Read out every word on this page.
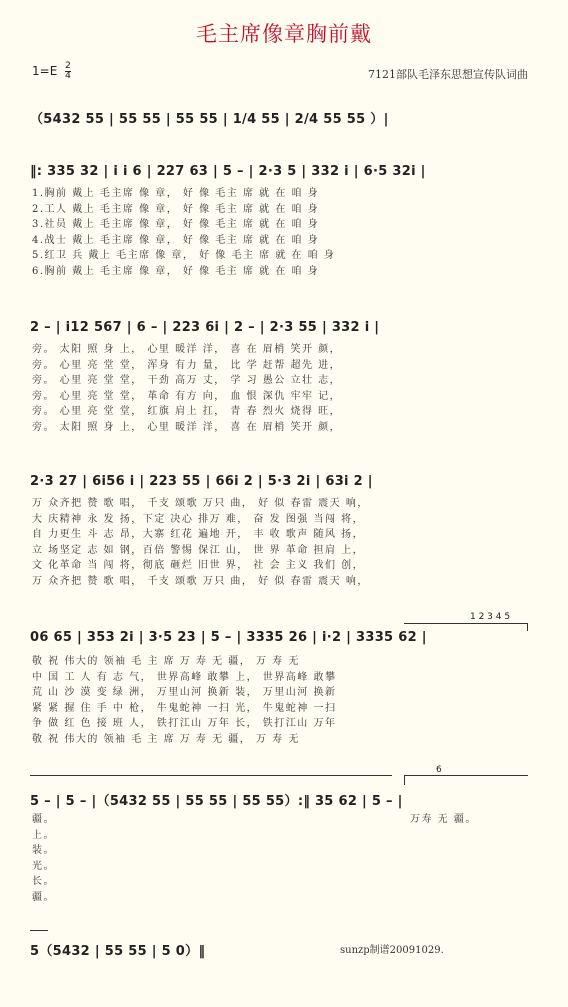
毛主席像章胸前戴
$1=E \frac{2}{4}$	7121部队毛泽东思想宣传队词曲
（5432 55 | 55 55 | 55 55 | 1/4 55 | 2/4 55 55 ）|
‖: 335 32 | i i 6 | 227 63 | 5 – | 2·3 5 | 332 i | 6·5 32i |
1.胸前 戴上 毛主席 像 章， 好 像 毛主 席 就 在 咱 身
2.工人 戴上 毛主席 像 章， 好 像 毛主 席 就 在 咱 身
3.社员 戴上 毛主席 像 章， 好 像 毛主 席 就 在 咱 身
4.战士 戴上 毛主席 像 章， 好 像 毛主 席 就 在 咱 身
5.红卫 兵 戴上 毛主席 像 章， 好 像 毛主 席 就 在 咱 身
6.胸前 戴上 毛主席 像 章， 好 像 毛主 席 就 在 咱 身
2 – | i12 567 | 6 – | 223 6i | 2 – | 2·3 55 | 332 i |
旁。 太阳 照 身 上， 心里 暖洋 洋， 喜 在 眉梢 笑开 颜，
旁。 心里 亮 堂 堂， 浑身 有力 量， 比 学 赶帮 超先 进，
旁。 心里 亮 堂 堂， 干劲 高万 丈， 学 习 愚公 立壮 志，
旁。 心里 亮 堂 堂， 革命 有方 向， 血 恨 深仇 牢牢 记，
旁。 心里 亮 堂 堂， 红旗 肩上 扛， 青 春 烈火 烧得 旺，
旁。 太阳 照 身 上， 心里 暖洋 洋， 喜 在 眉梢 笑开 颜，
2·3 27 | 6i56 i | 223 55 | 66i 2 | 5·3 2i | 63i 2 |
万 众齐把 赞 歌 唱， 千支 颂歌 万只 曲， 好 似 春雷 震天 响，
大 庆精神 永 发 扬，下定 决心 排万 难， 奋 发 图强 当闯 将，
自 力更生 斗 志 昂，大寨 红花 遍地 开， 丰 收 歌声 随风 扬，
立 场坚定 志 如 钢，百倍 警惕 保江 山， 世 界 革命 担肩 上，
文 化革命 当 闯 将，彻底 砸烂 旧世 界， 社 会 主义 我们 创，
万 众齐把 赞 歌 唱， 千支 颂歌 万只 曲， 好 似 春雷 震天 响，
1 2 3 4 5
06 65 | 353 2i | 3·5 23 | 5 – | 3335 26 | i·2 | 3335 62 |
敬 祝 伟大的 领袖 毛 主 席 万 寿 无 疆， 万 寿 无
中 国 工 人 有 志 气， 世界高峰 敢攀 上， 世界高峰 敢攀
荒 山 沙 漠 变 绿 洲， 万里山河 换新 装， 万里山河 换新
紧 紧 握 住 手 中 枪， 牛鬼蛇神 一扫 光， 牛鬼蛇神 一扫
争 做 红 色 接 班 人， 铁打江山 万年 长， 铁打江山 万年
敬 祝 伟大的 领袖 毛 主 席 万 寿 无 疆， 万 寿 无
6
5 – | 5 – |（5432 55 | 55 55 | 55 55）:‖ 35 62 | 5 – |
疆。
上。
装。
光。
长。
疆。
万寿 无 疆。
5（5432 | 55 55 | 5 0）‖	sunzp制谱20091029.
